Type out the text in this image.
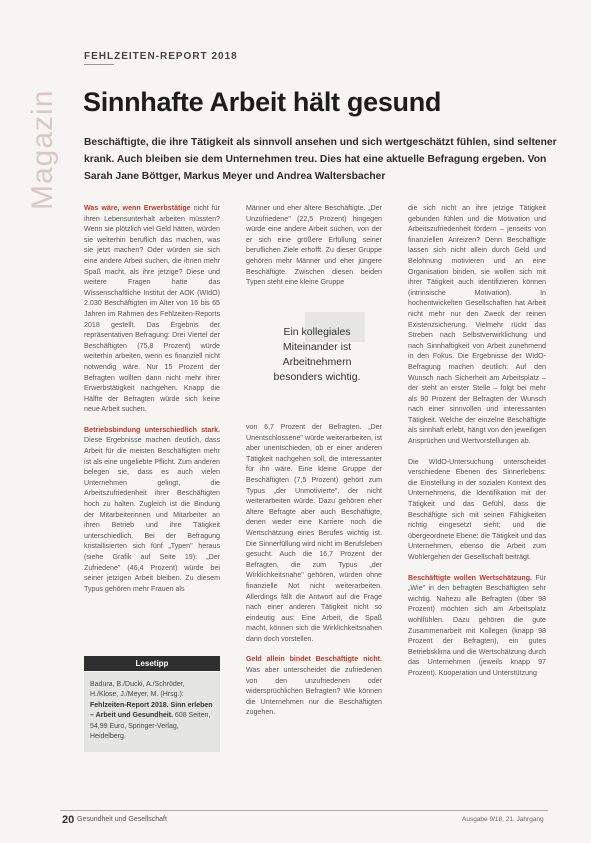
Magazin
FEHLZEITEN-REPORT 2018
Sinnhafte Arbeit hält gesund
Beschäftigte, die ihre Tätigkeit als sinnvoll ansehen und sich wertgeschätzt fühlen, sind seltener krank. Auch bleiben sie dem Unternehmen treu. Dies hat eine aktuelle Befragung ergeben. Von Sarah Jane Böttger, Markus Meyer und Andrea Waltersbacher

Was wäre, wenn Erwerbstätige nicht für ihren Lebensunterhalt arbeiten müssten? Wenn sie plötzlich viel Geld hätten, würden sie weiterhin beruflich das machen, was sie jetzt machen? Oder würden sie sich eine andere Arbeit suchen, die ihnen mehr Spaß macht, als ihre jetzige? Diese und weitere Fragen hatte das Wissenschaftliche Institut der AOK (WIdO) 2.030 Beschäftigten im Alter von 16 bis 65 Jahren im Rahmen des Fehlzeiten-Reports 2018 gestellt. Das Ergebnis der repräsentativen Befragung: Drei Viertel der Beschäftigten (75,8 Prozent) würde weiterhin arbeiten, wenn es finanziell nicht notwendig wäre. Nur 15 Prozent der Befragten wollten dann nicht mehr ihrer Erwerbstätigkeit nachgehen. Knapp die Hälfte der Befragten würde sich keine neue Arbeit suchen.

Betriebsbindung unterschiedlich stark. Diese Ergebnisse machen deutlich, dass Arbeit für die meisten Beschäftigten mehr ist als eine ungeliebte Pflicht. Zum anderen belegen sie, dass es auch vielen Unternehmen gelingt, die Arbeitszufriedenheit ihrer Beschäftigten hoch zu halten. Zugleich ist die Bindung der Mitarbeiterinnen und Mitarbeiter an ihren Betrieb und ihre Tätigkeit unterschiedlich. Bei der Befragung kristallisierten sich fünf „Typen" heraus (siehe Grafik auf Seite 19): „Der Zufriedene" (46,4 Prozent) würde bei seiner jetzigen Arbeit bleiben. Zu diesem Typus gehören mehr Frauen als

Männer und eher ältere Beschäftigte. „Der Unzufriedene" (22,5 Prozent) hingegen würde eine andere Arbeit suchen, von der er sich eine größere Erfüllung seiner beruflichen Ziele erhofft. Zu dieser Gruppe gehören mehr Männer und eher jüngere Beschäftigte. Zwischen diesen beiden Typen steht eine kleine Gruppe

Ein kollegiales Miteinander ist Arbeitnehmern besonders wichtig.

von 6,7 Prozent der Befragten. „Der Unentschlossene" würde weiterarbeiten, ist aber unentschieden, ob er einer anderen Tätigkeit nachgehen soll, die interessanter für ihn wäre. Eine kleine Gruppe der Beschäftigten (7,5 Prozent) gehört zum Typus „der Unmotivierte", der nicht weiterarbeiten würde. Dazu gehören eher ältere Befragte aber auch Beschäftigte, denen weder eine Karriere noch die Wertschätzung eines Berufes wichtig ist. Die Sinnerfüllung wird nicht im Berufsleben gesucht. Auch die 16,7 Prozent der Befragten, die zum Typus „der Wirklichkeitsnahe" gehören, würden ohne finanzielle Not nicht weiterarbeiten. Allerdings fällt die Antwort auf die Frage nach einer anderen Tätigkeit nicht so eindeutig aus: Eine Arbeit, die Spaß macht, können sich die Wirklichkeitsnahen dann doch vorstellen.

Geld allein bindet Beschäftigte nicht. Was aber unterscheidet die zufriedenen von den unzufriedenen oder widersprüchlichen Befragten? Wie können die Unternehmen nur die Beschäftigten zugehen.

die sich nicht an ihre jetzige Tätigkeit gebunden fühlen und die Motivation und Arbeitszufriedenheit fördern – jenseits von finanziellen Anreizen? Denn Beschäftigte lassen sich nicht allein durch Geld und Belohnung motivieren und an eine Organisation binden, sie wollen sich mit ihrer Tätigkeit auch identifizieren können (intrinsische Motivation). In hochentwickelten Gesellschaften hat Arbeit nicht mehr nur den Zweck der reinen Existenzsicherung. Vielmehr rückt das Streben nach Selbstverwirklichung und nach Sinnhaftigkeit von Arbeit zunehmend in den Fokus. Die Ergebnisse der WIdO-Befragung machen deutlich: Auf den Wunsch nach Sicherheit am Arbeitsplatz – der steht an erster Stelle – folgt bei mehr als 90 Prozent der Befragten der Wunsch nach einer sinnvollen und interessanten Tätigkeit. Welche der einzelne Beschäftigte als sinnhaft erlebt, hängt von den jeweiligen Ansprüchen und Wertvorstellungen ab.

Die WIdO-Untersuchung unterscheidet verschiedene Ebenen des Sinnerlebens: die Einstellung in der sozialen Kontext des Unternehmens, die Identifikation mit der Tätigkeit und das Gefühl, dass die Beschäftigte sich mit seinen Fähigkeiten richtig eingesetzt sieht; und die übergeordnete Ebene: die Tätigkeit und das Unternehmen, ebenso die Arbeit zum Wohlergehen der Gesellschaft beiträgt.

Beschäftigte wollen Wertschätzung. Für „Wie" in den befragten Beschäftigten sehr wichtig. Nahezu alle Befragten (über 98 Prozent) möchten sich am Arbeitsplatz wohlfühlen. Dazu gehören die gute Zusammenarbeit mit Kollegen (knapp 98 Prozent der Befragten), ein gutes Betriebsklima und die Wertschätzung durch das Unternehmen (jeweils knapp 97 Prozent). Kooperation und Unterstützung

Lesetipp
Badura, B./Ducki, A./Schröder, H./Klose, J./Meyer, M. (Hrsg.): Fehlzeiten-Report 2018. Sinn erleben – Arbeit und Gesundheit. 608 Seiten, 54,99 Euro, Springer-Verlag, Heidelberg.
20 Gesundheit und Gesellschaft	Ausgabe 9/18, 21. Jahrgang
